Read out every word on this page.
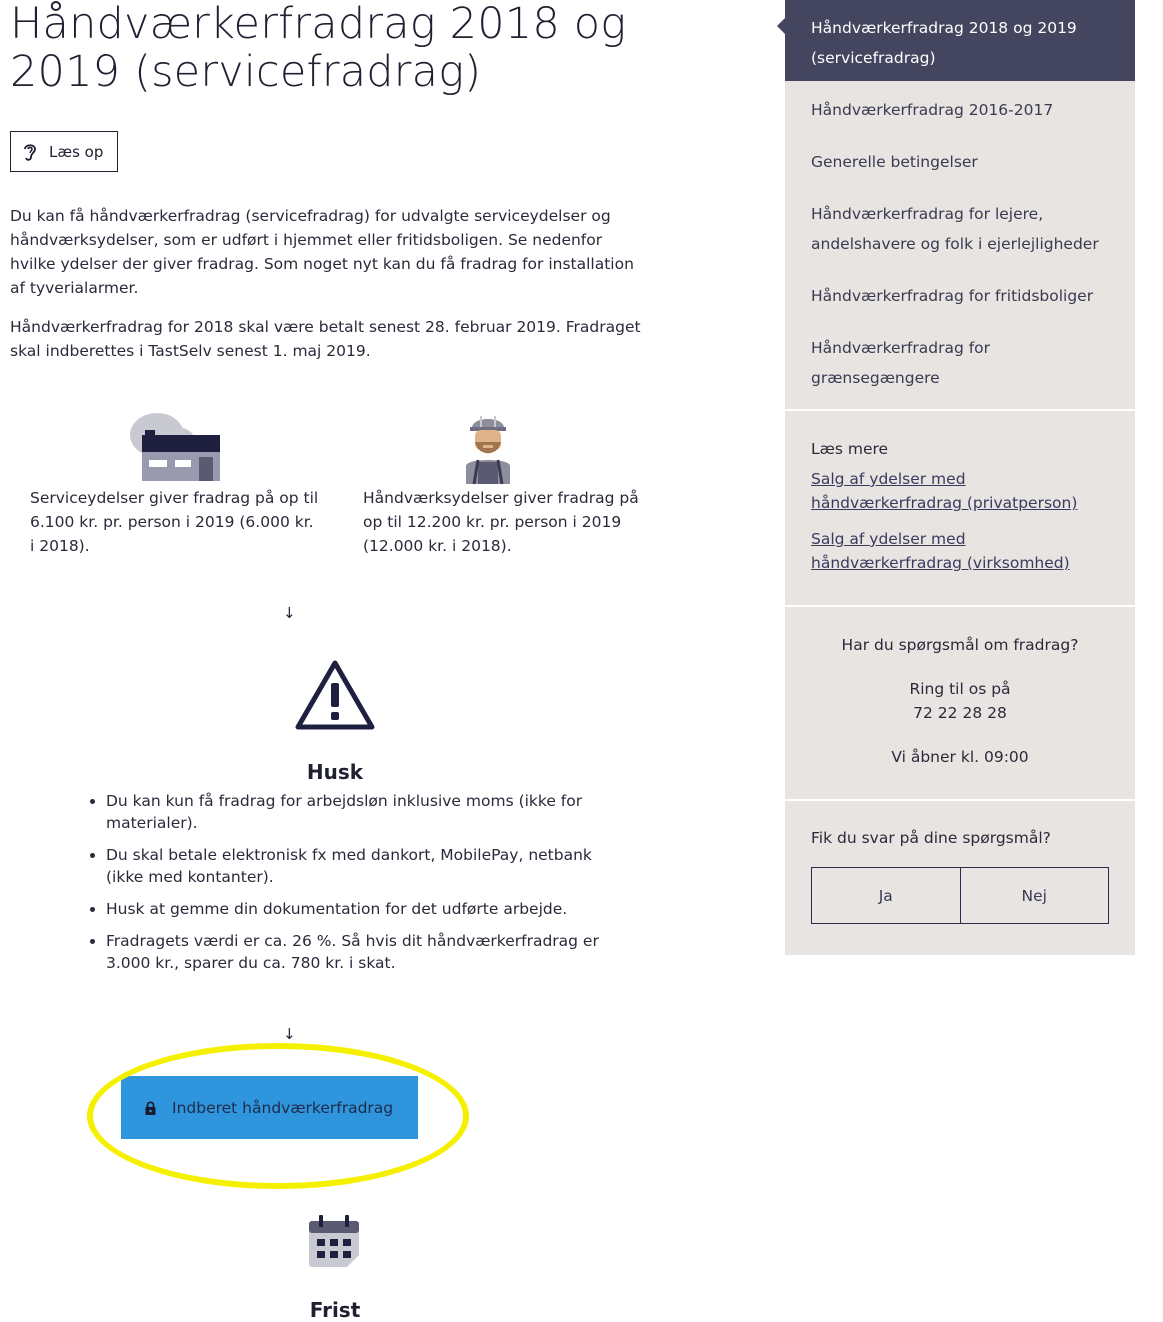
Håndværkerfradrag 2018 og 2019 (servicefradrag)
Læs op

Du kan få håndværkerfradrag (servicefradrag) for udvalgte serviceydelser og håndværksydelser, som er udført i hjemmet eller fritidsboligen. Se nedenfor hvilke ydelser der giver fradrag. Som noget nyt kan du få fradrag for installation af tyverialarmer.

Håndværkerfradrag for 2018 skal være betalt senest 28. februar 2019. Fradraget skal indberettes i TastSelv senest 1. maj 2019.

Serviceydelser giver fradrag på op til 6.100 kr. pr. person i 2019 (6.000 kr. i 2018).
Håndværksydelser giver fradrag på op til 12.200 kr. pr. person i 2019 (12.000 kr. i 2018).
↓
Husk
• Du kan kun få fradrag for arbejdsløn inklusive moms (ikke for materialer).
• Du skal betale elektronisk fx med dankort, MobilePay, netbank (ikke med kontanter).
• Husk at gemme din dokumentation for det udførte arbejde.
• Fradragets værdi er ca. 26 %. Så hvis dit håndværkerfradrag er 3.000 kr., sparer du ca. 780 kr. i skat.
↓
Indberet håndværkerfradrag
Frist
Håndværkerfradrag 2018 og 2019 (servicefradrag)
Håndværkerfradrag 2016-2017
Generelle betingelser
Håndværkerfradrag for lejere, andelshavere og folk i ejerlejligheder
Håndværkerfradrag for fritidsboliger
Håndværkerfradrag for grænsegængere
Læs mere
Salg af ydelser med håndværkerfradrag (privatperson)
Salg af ydelser med håndværkerfradrag (virksomhed)

Har du spørgsmål om fradrag?

Ring til os på

72 22 28 28

Vi åbner kl. 09:00

Fik du svar på dine spørgsmål?
Ja	Nej
